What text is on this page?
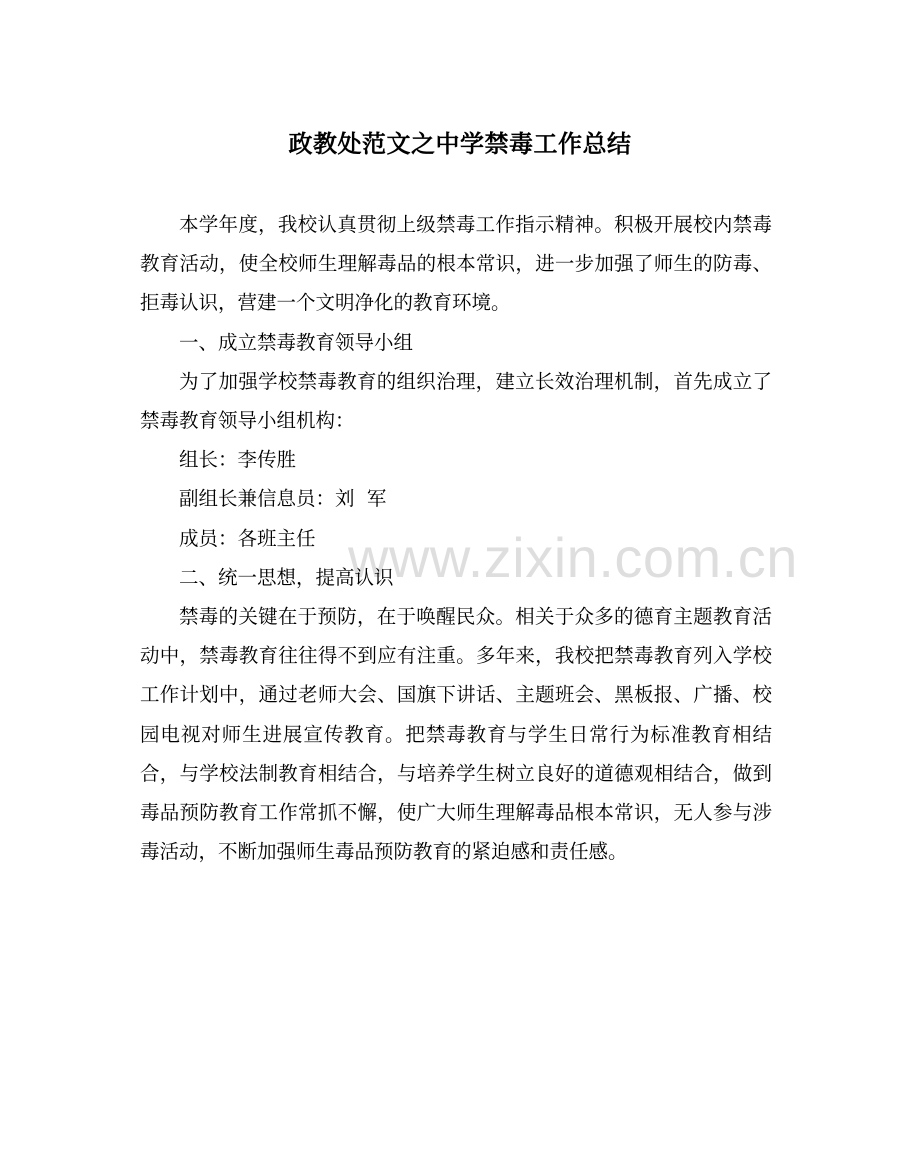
政教处范文之中学禁毒工作总结

本学年度，我校认真贯彻上级禁毒工作指示精神。积极开展校内禁毒教育活动，使全校师生理解毒品的根本常识，进一步加强了师生的防毒、拒毒认识，营建一个文明净化的教育环境。

一、成立禁毒教育领导小组

为了加强学校禁毒教育的组织治理，建立长效治理机制，首先成立了禁毒教育领导小组机构：

组长：李传胜

副组长兼信息员：刘  军

成员：各班主任

二、统一思想，提高认识

禁毒的关键在于预防，在于唤醒民众。相关于众多的德育主题教育活动中，禁毒教育往往得不到应有注重。多年来，我校把禁毒教育列入学校工作计划中，通过老师大会、国旗下讲话、主题班会、黑板报、广播、校园电视对师生进展宣传教育。把禁毒教育与学生日常行为标准教育相结合，与学校法制教育相结合，与培养学生树立良好的道德观相结合，做到毒品预防教育工作常抓不懈，使广大师生理解毒品根本常识，无人参与涉毒活动，不断加强师生毒品预防教育的紧迫感和责任感。

www.zixin.com.cn
